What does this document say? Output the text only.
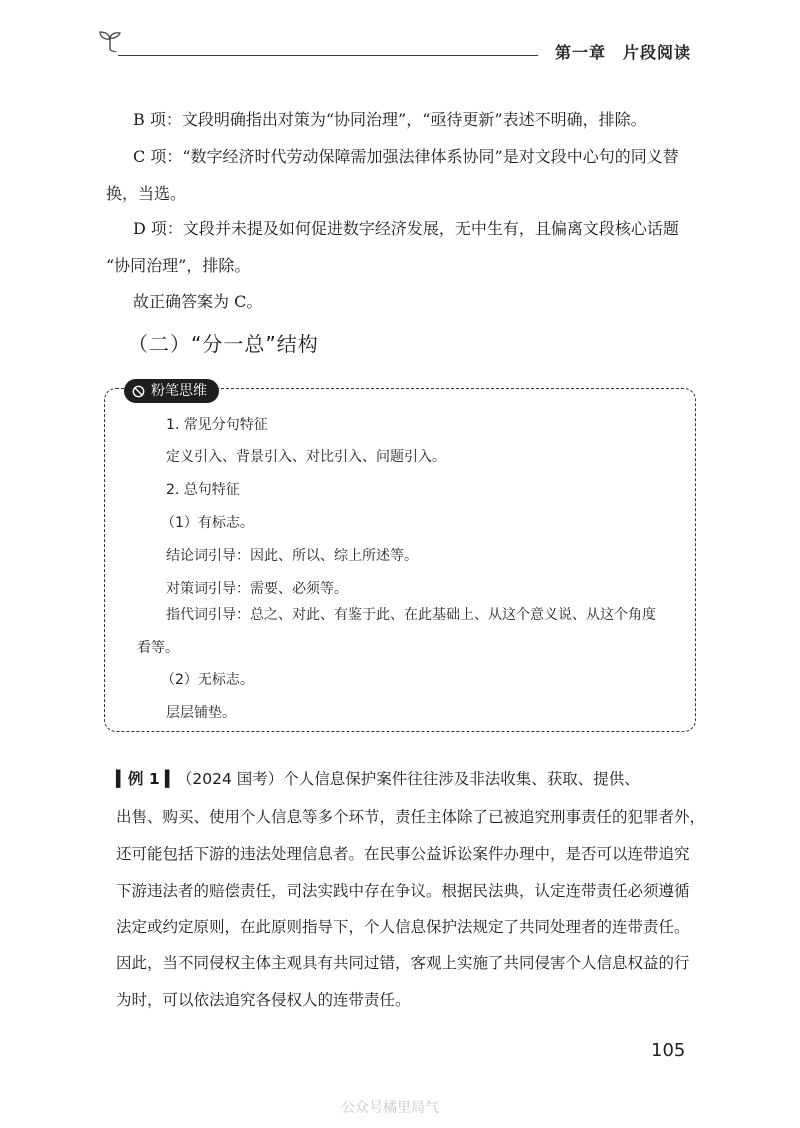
第一章　片段阅读
B 项：文段明确指出对策为“协同治理”，“亟待更新”表述不明确，排除。
C 项：“数字经济时代劳动保障需加强法律体系协同”是对文段中心句的同义替
换，当选。
D 项：文段并未提及如何促进数字经济发展，无中生有，且偏离文段核心话题
“协同治理”，排除。
故正确答案为 C。
（二）“分一总”结构
粉笔思维
1. 常见分句特征
定义引入、背景引入、对比引入、问题引入。
2. 总句特征
（1）有标志。
结论词引导：因此、所以、综上所述等。
对策词引导：需要、必须等。
指代词引导：总之、对此、有鉴于此、在此基础上、从这个意义说、从这个角度
看等。
（2）无标志。
层层铺垫。
▍例 1 ▍（2024 国考）个人信息保护案件往往涉及非法收集、获取、提供、
出售、购买、使用个人信息等多个环节，责任主体除了已被追究刑事责任的犯罪者外，
还可能包括下游的违法处理信息者。在民事公益诉讼案件办理中，是否可以连带追究
下游违法者的赔偿责任，司法实践中存在争议。根据民法典，认定连带责任必须遵循
法定或约定原则，在此原则指导下，个人信息保护法规定了共同处理者的连带责任。
因此，当不同侵权主体主观具有共同过错，客观上实施了共同侵害个人信息权益的行
为时，可以依法追究各侵权人的连带责任。
105
公众号橘里局气
